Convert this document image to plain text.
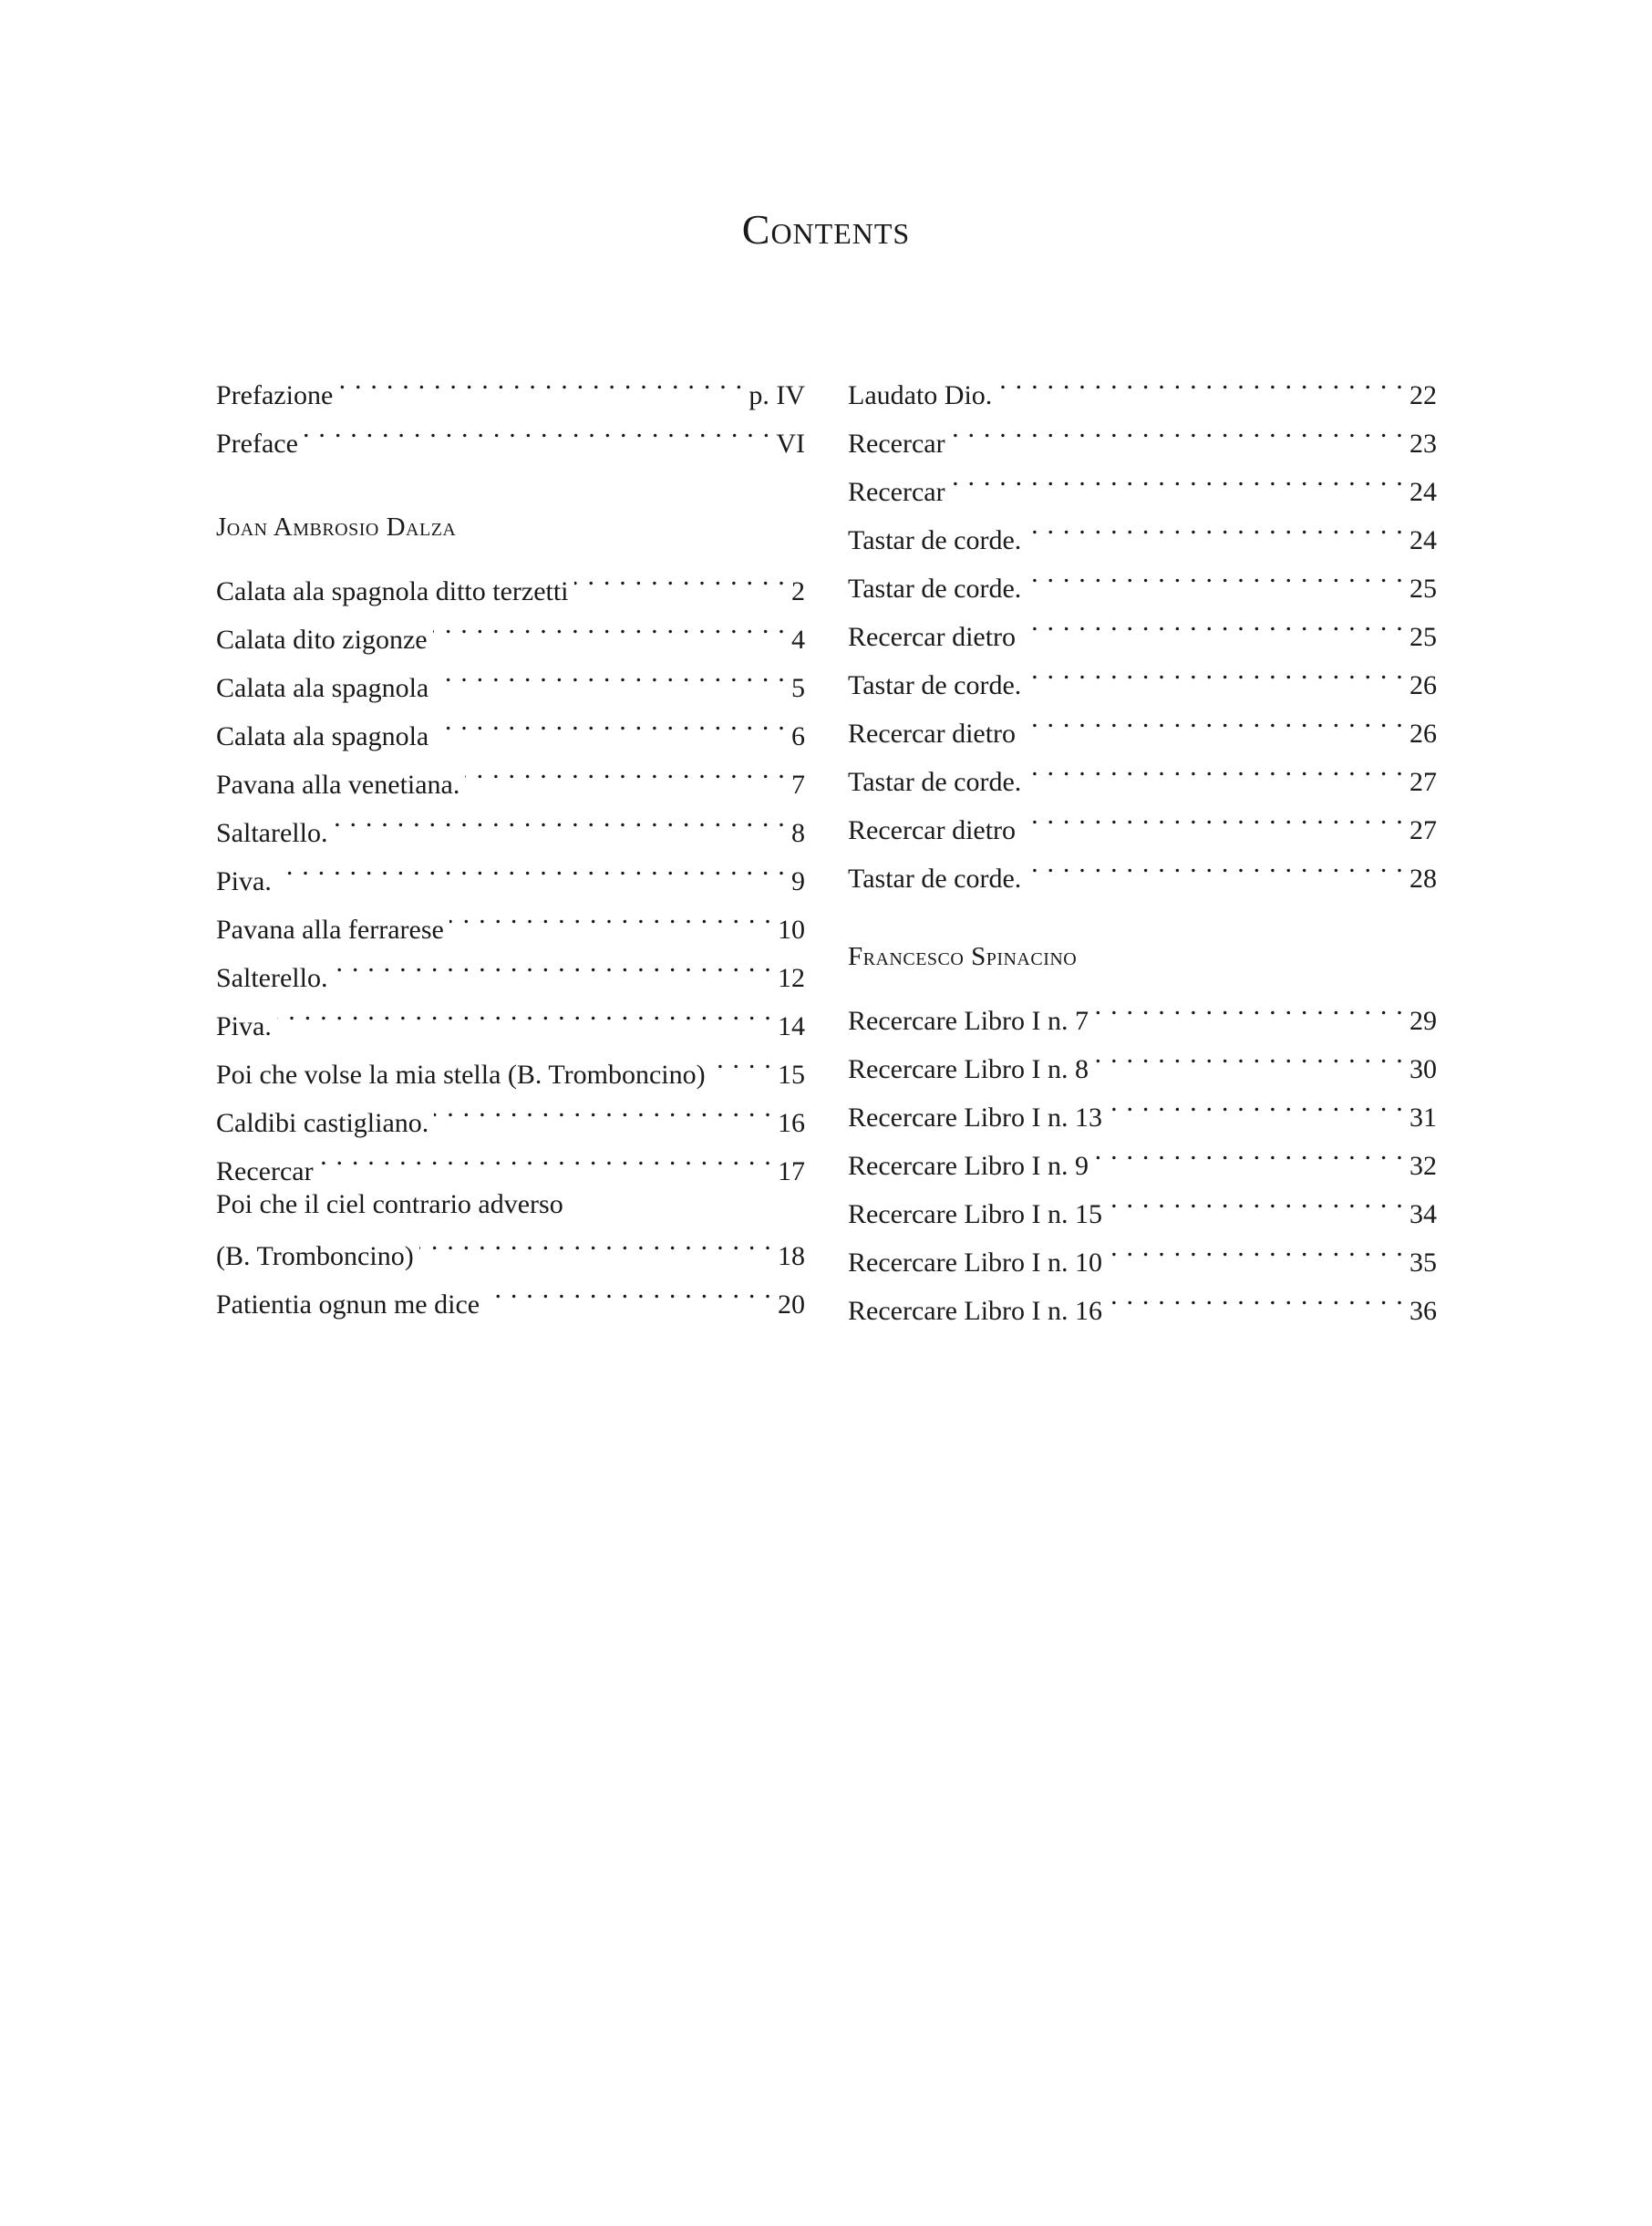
Contents
Prefazione . . .	p. IV
Preface . . .	VI
Joan Ambrosio Dalza
Calata ala spagnola ditto terzetti . . .	2
Calata dito zigonze . . .	4
Calata ala spagnola . . .	5
Calata ala spagnola . . .	6
Pavana alla venetiana. . . .	7
Saltarello. . . .	8
Piva. . . .	9
Pavana alla ferrarese . . .	10
Salterello. . . .	12
Piva. . . .	14
Poi che volse la mia stella (B. Tromboncino) . . .	15
Caldibi castigliano. . . .	16
Recercar . . .	17
Poi che il ciel contrario adverso
(B. Tromboncino) . . .	18
Patientia ognun me dice . . .	20
Laudato Dio. . . .	22
Recercar . . .	23
Recercar . . .	24
Tastar de corde. . . .	24
Tastar de corde. . . .	25
Recercar dietro . . .	25
Tastar de corde. . . .	26
Recercar dietro . . .	26
Tastar de corde. . . .	27
Recercar dietro . . .	27
Tastar de corde. . . .	28
Francesco Spinacino
Recercare Libro I n. 7 . . .	29
Recercare Libro I n. 8 . . .	30
Recercare Libro I n. 13 . . .	31
Recercare Libro I n. 9 . . .	32
Recercare Libro I n. 15 . . .	34
Recercare Libro I n. 10 . . .	35
Recercare Libro I n. 16 . . .	36
